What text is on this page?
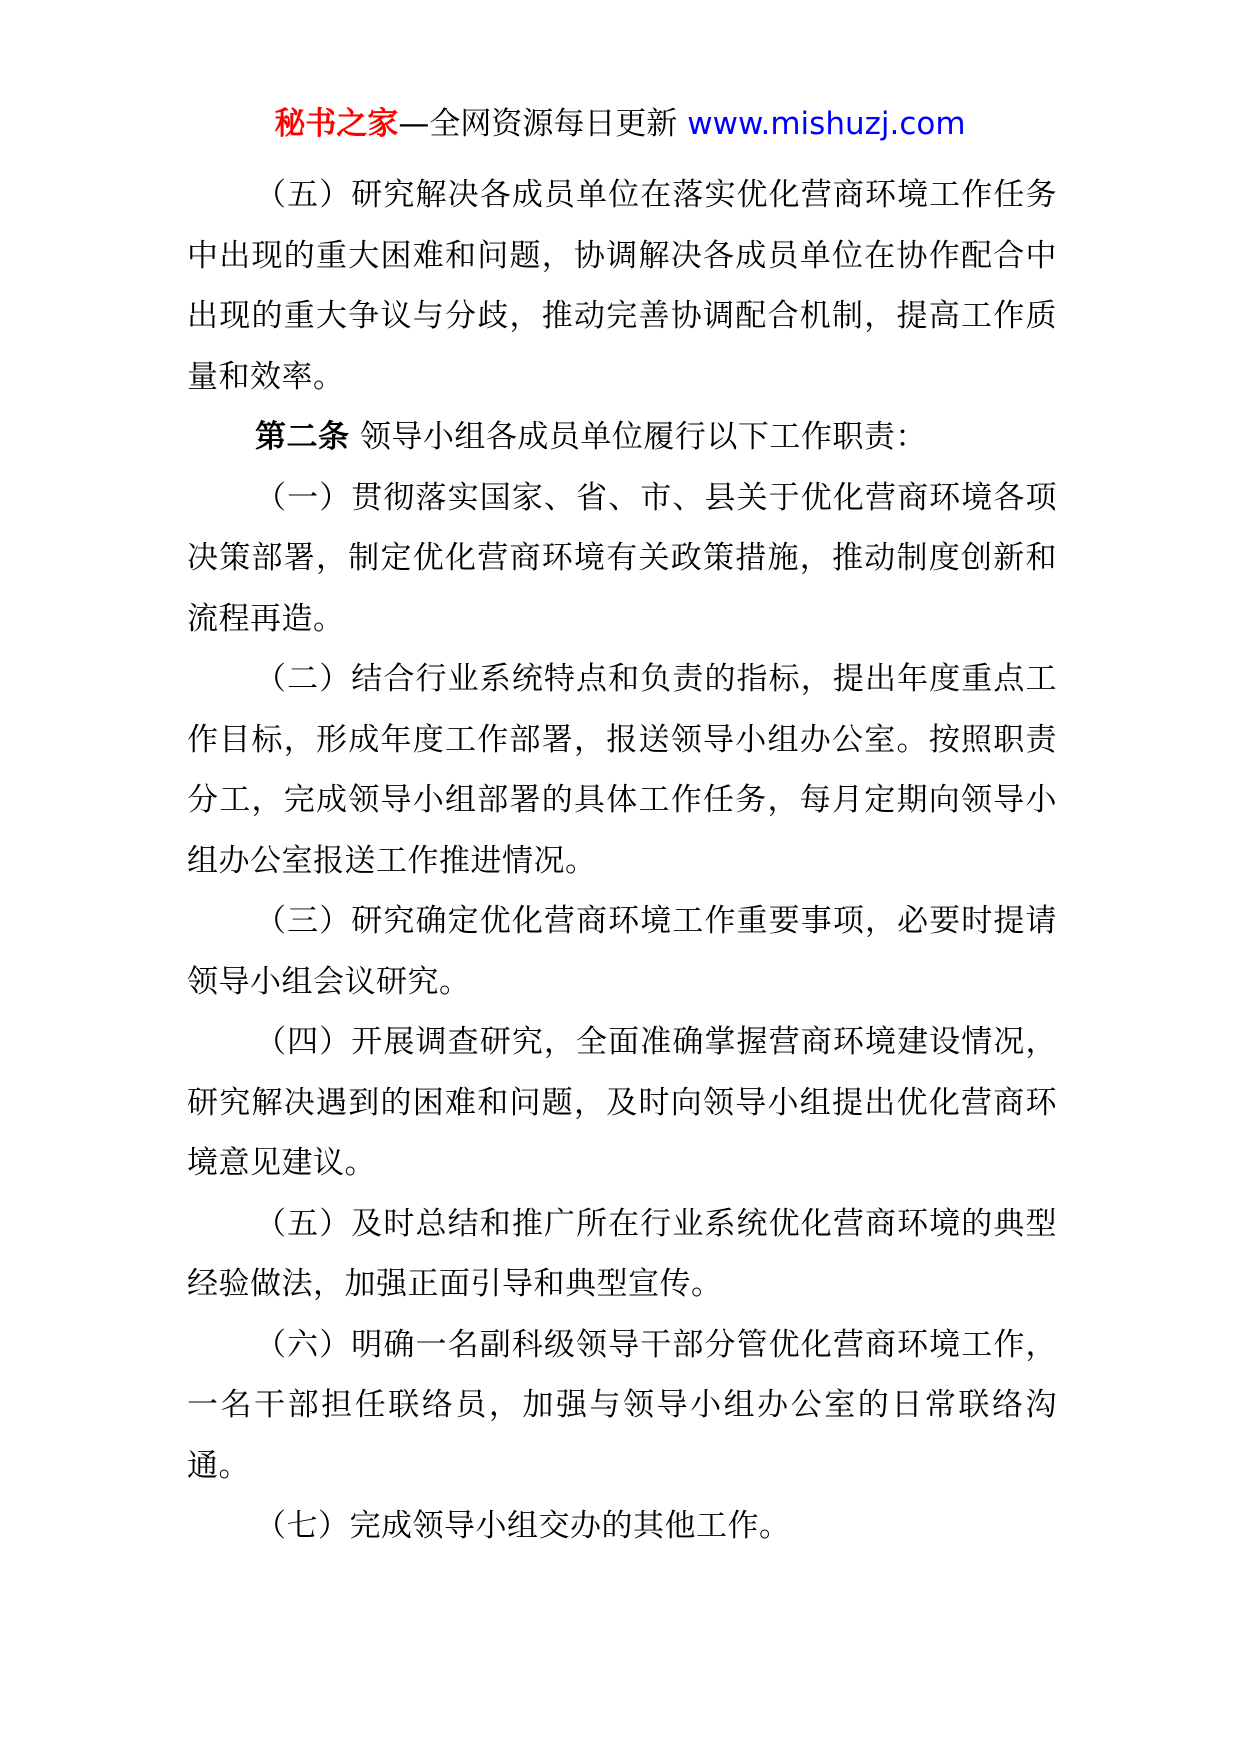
秘书之家—全网资源每日更新 www.mishuzj.com

（五）研究解决各成员单位在落实优化营商环境工作任务中出现的重大困难和问题，协调解决各成员单位在协作配合中出现的重大争议与分歧，推动完善协调配合机制，提高工作质量和效率。

第二条 领导小组各成员单位履行以下工作职责：

（一）贯彻落实国家、省、市、县关于优化营商环境各项决策部署，制定优化营商环境有关政策措施，推动制度创新和流程再造。

（二）结合行业系统特点和负责的指标，提出年度重点工作目标，形成年度工作部署，报送领导小组办公室。按照职责分工，完成领导小组部署的具体工作任务，每月定期向领导小组办公室报送工作推进情况。

（三）研究确定优化营商环境工作重要事项，必要时提请领导小组会议研究。

（四）开展调查研究，全面准确掌握营商环境建设情况，研究解决遇到的困难和问题，及时向领导小组提出优化营商环境意见建议。

（五）及时总结和推广所在行业系统优化营商环境的典型经验做法，加强正面引导和典型宣传。

（六）明确一名副科级领导干部分管优化营商环境工作，一名干部担任联络员，加强与领导小组办公室的日常联络沟通。

（七）完成领导小组交办的其他工作。
